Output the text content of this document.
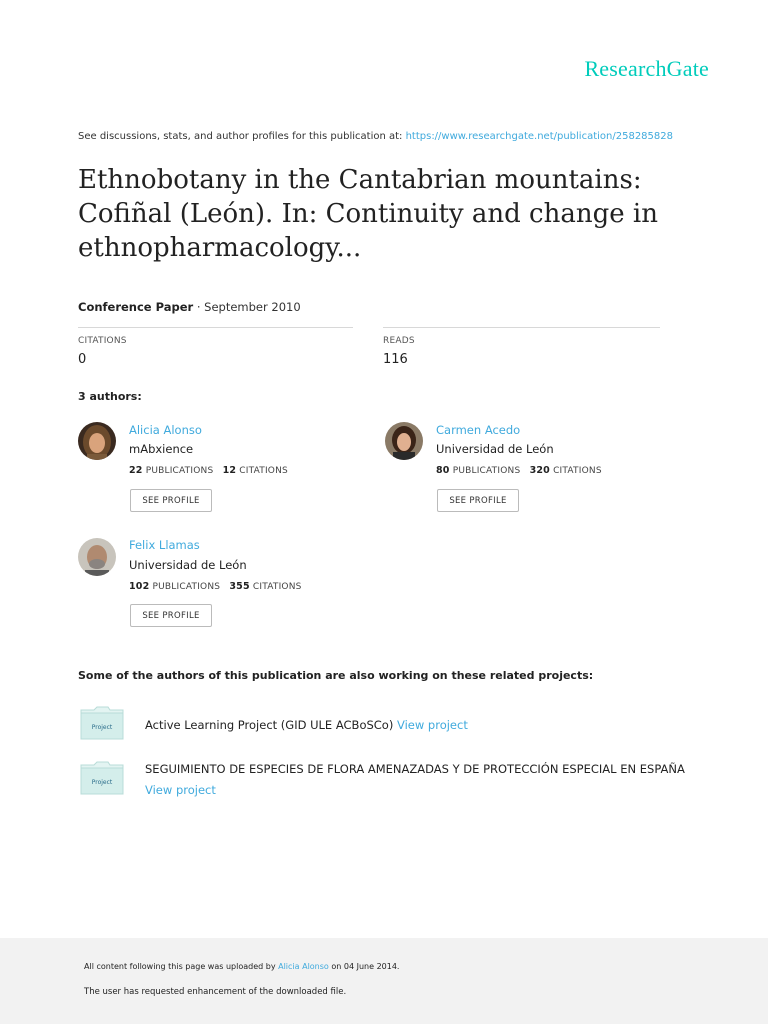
ResearchGate
See discussions, stats, and author profiles for this publication at: https://www.researchgate.net/publication/258285828
Ethnobotany in the Cantabrian mountains: Cofiñal (León). In: Continuity and change in ethnopharmacology...
Conference Paper · September 2010
CITATIONS
0
READS
116
3 authors:
Alicia Alonso
mAbxience
22 PUBLICATIONS 12 CITATIONS
SEE PROFILE
Carmen Acedo
Universidad de León
80 PUBLICATIONS 320 CITATIONS
SEE PROFILE
Felix Llamas
Universidad de León
102 PUBLICATIONS 355 CITATIONS
SEE PROFILE
Some of the authors of this publication are also working on these related projects:
Project	Active Learning Project (GID ULE ACBoSCo) View project
Project
SEGUIMIENTO DE ESPECIES DE FLORA AMENAZADAS Y DE PROTECCIÓN ESPECIAL EN ESPAÑA View project
All content following this page was uploaded by Alicia Alonso on 04 June 2014.
The user has requested enhancement of the downloaded file.
